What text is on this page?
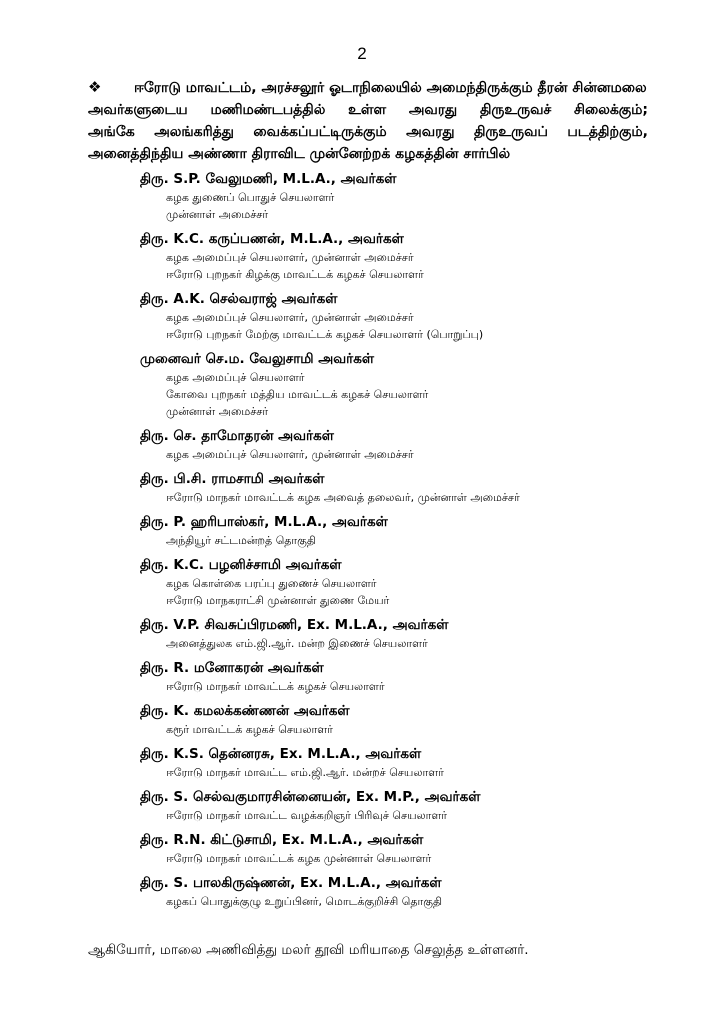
2
❖ ஈரோடு மாவட்டம், அரச்சலூர் ஓடாநிலையில் அமைந்திருக்கும் தீரன் சின்னமலை
அவர்களுடைய மணிமண்டபத்தில் உள்ள அவரது திருஉருவச் சிலைக்கும்;
அங்கே அலங்கரித்து வைக்கப்பட்டிருக்கும் அவரது திருஉருவப் படத்திற்கும்,
அனைத்திந்திய அண்ணா திராவிட முன்னேற்றக் கழகத்தின் சார்பில்
திரு. S.P. வேலுமணி, M.L.A., அவர்கள்
கழக துணைப் பொதுச் செயலாளர்
முன்னாள் அமைச்சர்
திரு. K.C. கருப்பணன், M.L.A., அவர்கள்
கழக அமைப்புச் செயலாளர், முன்னாள் அமைச்சர்
ஈரோடு புறநகர் கிழக்கு மாவட்டக் கழகச் செயலாளர்
திரு. A.K. செல்வராஜ் அவர்கள்
கழக அமைப்புச் செயலாளர், முன்னாள் அமைச்சர்
ஈரோடு புறநகர் மேற்கு மாவட்டக் கழகச் செயலாளர் (பொறுப்பு)
முனைவர் செ.ம. வேலுசாமி அவர்கள்
கழக அமைப்புச் செயலாளர்
கோவை புறநகர் மத்திய மாவட்டக் கழகச் செயலாளர்
முன்னாள் அமைச்சர்
திரு. செ. தாமோதரன் அவர்கள்
கழக அமைப்புச் செயலாளர், முன்னாள் அமைச்சர்
திரு. பி.சி. ராமசாமி அவர்கள்
ஈரோடு மாநகர் மாவட்டக் கழக அவைத் தலைவர், முன்னாள் அமைச்சர்
திரு. P. ஹரிபாஸ்கர், M.L.A., அவர்கள்
அந்தியூர் சட்டமன்றத் தொகுதி
திரு. K.C. பழனிச்சாமி அவர்கள்
கழக கொள்கை பரப்பு துணைச் செயலாளர்
ஈரோடு மாநகராட்சி முன்னாள் துணை மேயர்
திரு. V.P. சிவசுப்பிரமணி, Ex. M.L.A., அவர்கள்
அனைத்துலக எம்.ஜி.ஆர். மன்ற இணைச் செயலாளர்
திரு. R. மனோகரன் அவர்கள்
ஈரோடு மாநகர் மாவட்டக் கழகச் செயலாளர்
திரு. K. கமலக்கண்ணன் அவர்கள்
கரூர் மாவட்டக் கழகச் செயலாளர்
திரு. K.S. தென்னரசு, Ex. M.L.A., அவர்கள்
ஈரோடு மாநகர் மாவட்ட எம்.ஜி.ஆர். மன்றச் செயலாளர்
திரு. S. செல்வகுமாரசின்னையன், Ex. M.P., அவர்கள்
ஈரோடு மாநகர் மாவட்ட வழக்கறிஞர் பிரிவுச் செயலாளர்
திரு. R.N. கிட்டுசாமி, Ex. M.L.A., அவர்கள்
ஈரோடு மாநகர் மாவட்டக் கழக முன்னாள் செயலாளர்
திரு. S. பாலகிருஷ்ணன், Ex. M.L.A., அவர்கள்
கழகப் பொதுக்குழு உறுப்பினர், மொடக்குறிச்சி தொகுதி
ஆகியோர், மாலை அணிவித்து மலர் தூவி மரியாதை செலுத்த உள்ளனர்.
